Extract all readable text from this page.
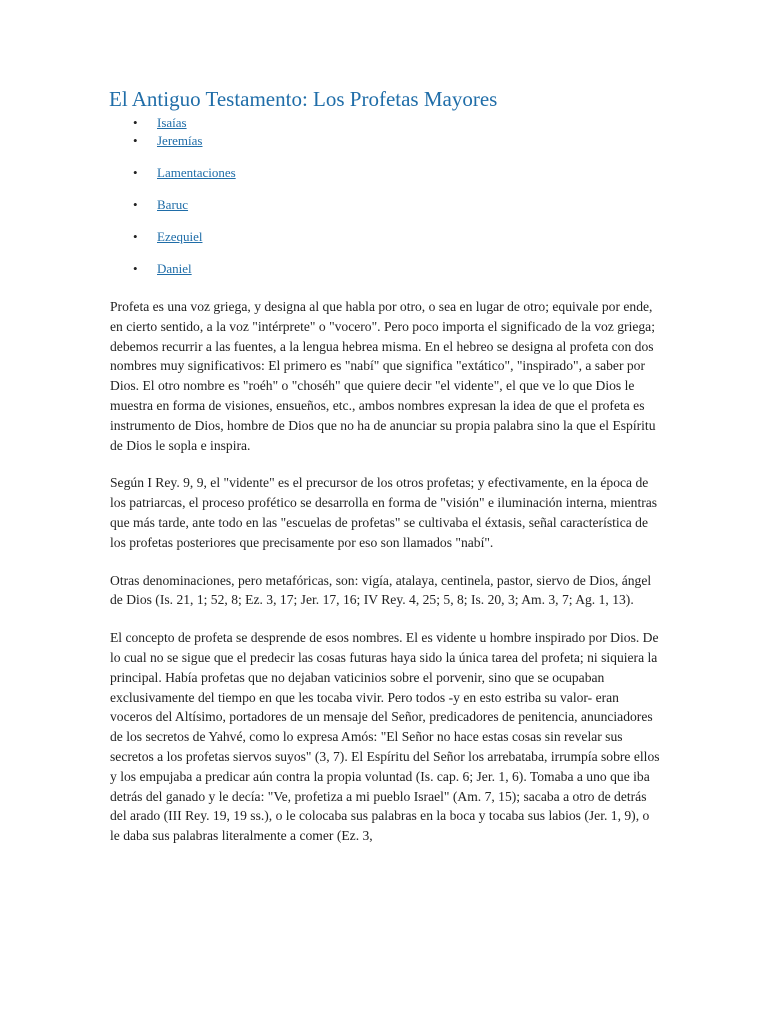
El Antiguo Testamento: Los Profetas Mayores
• Isaías
• Jeremías
• Lamentaciones
• Baruc
• Ezequiel
• Daniel

Profeta es una voz griega, y designa al que habla por otro, o sea en lugar de otro; equivale por ende, en cierto sentido, a la voz "intérprete" o "vocero". Pero poco importa el significado de la voz griega; debemos recurrir a las fuentes, a la lengua hebrea misma. En el hebreo se designa al profeta con dos nombres muy significativos: El primero es "nabí" que significa "extático", "inspirado", a saber por Dios. El otro nombre es "roéh" o "choséh" que quiere decir "el vidente", el que ve lo que Dios le muestra en forma de visiones, ensueños, etc., ambos nombres expresan la idea de que el profeta es instrumento de Dios, hombre de Dios que no ha de anunciar su propia palabra sino la que el Espíritu de Dios le sopla e inspira.

Según I Rey. 9, 9, el "vidente" es el precursor de los otros profetas; y efectivamente, en la época de los patriarcas, el proceso profético se desarrolla en forma de "visión" e iluminación interna, mientras que más tarde, ante todo en las "escuelas de profetas" se cultivaba el éxtasis, señal característica de los profetas posteriores que precisamente por eso son llamados "nabí".

Otras denominaciones, pero metafóricas, son: vigía, atalaya, centinela, pastor, siervo de Dios, ángel de Dios (Is. 21, 1; 52, 8; Ez. 3, 17; Jer. 17, 16; IV Rey. 4, 25; 5, 8; Is. 20, 3; Am. 3, 7; Ag. 1, 13).

El concepto de profeta se desprende de esos nombres. El es vidente u hombre inspirado por Dios. De lo cual no se sigue que el predecir las cosas futuras haya sido la única tarea del profeta; ni siquiera la principal. Había profetas que no dejaban vaticinios sobre el porvenir, sino que se ocupaban exclusivamente del tiempo en que les tocaba vivir. Pero todos -y en esto estriba su valor- eran voceros del Altísimo, portadores de un mensaje del Señor, predicadores de penitencia, anunciadores de los secretos de Yahvé, como lo expresa Amós: "El Señor no hace estas cosas sin revelar sus secretos a los profetas siervos suyos" (3, 7). El Espíritu del Señor los arrebataba, irrumpía sobre ellos y los empujaba a predicar aún contra la propia voluntad (Is. cap. 6; Jer. 1, 6). Tomaba a uno que iba detrás del ganado y le decía: "Ve, profetiza a mi pueblo Israel" (Am. 7, 15); sacaba a otro de detrás del arado (III Rey. 19, 19 ss.), o le colocaba sus palabras en la boca y tocaba sus labios (Jer. 1, 9), o le daba sus palabras literalmente a comer (Ez. 3,
